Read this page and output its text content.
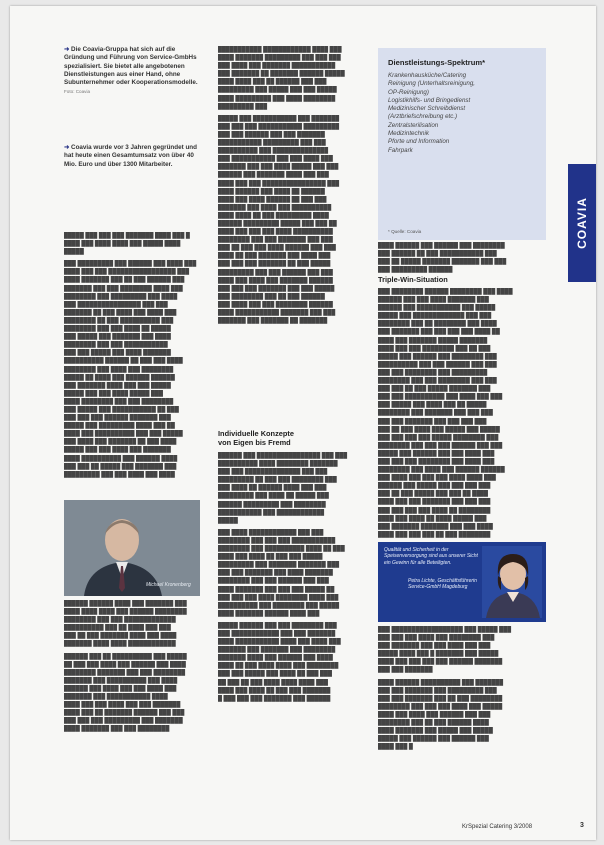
➜ Die Coavia-Gruppa hat sich auf die Gründung und Führung von Service-GmbHs spezialisiert. Sie bietet alle angebotenen Dienstleistungen aus einer Hand, ohne Subunternehmer oder Kooperationsmodelle.
Foto: Coavia
➜ Coavia wurde vor 3 Jahren gegründet und hat heute einen Gesamtumsatz von über 40 Mio. Euro und über 1300 Mitarbeiter.
█████ ███ ███ ███ ███████ ████ ███ █
████ ███ ████ ████ ███ █████ ████
█████
███ █████████ ███ ██████ ███ ████ ███
████ ███ ███ █████████████████ ███
████ ███████ ███ ██ ███ ██████ ███
███████ ███ ███ ████████ ████ ███
████████ ███ █████████ ███ ████
███ ████████████████ ███ ███
███████ ██ ███ ████ ███ ████ ███
████████ ██ ███ ██████████ ███
████████ ███ ███ ████ ██ █████
███ █████ ███ ███████ ███ ████
████████ ███ ███ ███████████
███ ███ █████ ███ ████ ███████
██████████ ██████ ██ ███ ███ ████
████████ ███ ████ ███ ████████
█████ ██ ████ ███ ██████ ██████
███ ███████ ████ ███ ███ █████
█████ ███ ███ ████ █████ ███
████ ████████ ███ ███ ████████
███ █████ ███ ███████████ ██ ███
███ ███ ███ ██████ ███████ ███
█████ ███ █████████ ████ ███ ██
████ ███ ██████████ ███ ███ █████
███ ████ ███ ███████ ██ ███ ████
█████ ███ ███ ████ ███ ███████
████ ██████████ ███ ██████ ████
███ ███ ██ █████ ███ ███████ ███
█████████ ███ ███ ████ ███ ████
Michael Kronenberg
██████ ██████ ████ ███ ███████ ███
████ ████ ████ ███ ██████ ████████
████████ ███ ███ █████████████
██████████ ███ ██ ████ ███ ███
███ ██ ███ ███████ ████ ███ ████
███████ ████ ████ ████████████
██████ ███ ██ ██████████ ███ █████
██ ███ ███ ████ ███ ██████ ███ ████
████████ ███████ ███ ███ ████████
███████ ███ ██████████ ███ ████
██████ ███ ████ ███ ███ ████ ███
███████ ███ ███████████ ████
████ ███ ███ ████ ███ ███ ███████
████ ███ ██ ███████ ██████ ███ ███
███ ███ ███ █████████ ███ ███████
████ ███████ ███ ███ ████████
███████████ ████████████ ████ ███
████ ███████ █████████ ███ ███ ███
███ ████ ███ ███████ ███████████
███ ███████ ██ ███████ ██████ █████
████ ████ ███ ██ ██████ ███ ███
█████████ ███ █████ ███ ███ █████
████ █████████ ███ ████ ████████
█████████ ███
█████ ███ ███████████ ███ ███████
███ ███ ███ ███████████ █████████
███ ███ ██████ ███ ███ ███████
███████████ █████████ ███ ███
██████████ ███ ██████████████
███ ███████████ ███ ███ ████ ███
███████ ███ ███ ████ █████ ███ ███
██████ ███ ███████ ████ ███ ███
████ ███ ███ ████████████████ ███
████ ██████ ███ ████ ██ ██████
████ ███ ████ ██████ ██ ███ ███
███████ ███ ████ ███ ██████████
████ ████ ██ ███ █████████ ████
██████ █████████ █████ ███ ███ ██
████ ███ ███ ███ ████ ██████████
████████ ███ ███ ███████ ███ ███
███ ██ ███ ███ ████ ██████ ███ ███
████ ██ ███ ███████ ███ ████ ███
███ ███ ███ ███████ ██ ███ █████
█████████ ███ ███ ██████ ███ ███
████ ███ ████ ███ ███████ ██████
███ ███ ███ ███████ ███ ███ █████
███ ████████ ███ ██ ███ ██████
███ ████ ███ ███ ████████ ██████
████ ███████████ ███████ ███ ███
███████ ███ ███████ ██ ███████
Individuelle Konzepte
von Eigen bis Fremd
██████ ███ ████████████████ ███ ███
██████████ ████ ████████ ███████
███ ███ ██████████████ ███ ███
█████████ ██ ███ ███ ████████ ███
███ ████ ██ ██████ ████ ███ ███
█████████ ███ ████ ██ █████ ███
██████ █████████ ███ ████████
███████████ ███ ████████████
█████
███ ████ ████████████ ███ ███
████████ ███ ███ ███ ███████████
████████ ███ ██████████ ████ ██ ███
████ ███ ████ ██ ███ ███ █████
█████████ ███ ███████ ███████ ███
███ ███ ███████ ███ ████ ███████
████████ ███ ███ ██████ ███ ███
████ ███████ ███ ███ ███ █████ ██
███ ███ ███ ████ ████████ ████ ███
██████████ ███ ████████ ███ █████
████ ███████ ██████ ████ ███
█████ ██████ ███ ███ ████████ ███
███ ████████████ ███ ███ ███████
████ ███████████ ████ ███ ████ ███
███████ ███ ███████ ███ ████████
███████ ████ ███ ██████ ███ ████
████ ██ ███ ████ ████ ███ ████████
███ ███ █████ ███ ████ ██ ███ ███
██ ███ ██ ███ ████ ████ ████ ███
████ ███ ████ ██ ███ ███ ███████
█ ███ ███ ███ ███████ ███ ██████
Dienstleistungs-Spektrum*
Krankenhausküche/Catering
Reinigung (Unterhaltsreinigung,
OP-Reinigung)
Logistikhilfs- und Bringedienst
Medizinischer Schreibdienst
(Arztbriefschreibung etc.)
Zentralsterilisation
Medizintechnik
Pforte und Information
Fahrpark
* Quelle: Coavia	COAVIA
████ ██████ ███ ██████ ███ ████████
███ ██████ ██ ███ ███████████ ███
███ ██ █████ ███████ ███████ ███ ███
███ █████████ ██████
Triple-Win-Situation
███ ████████ ██████ ████████ ███ ████
██████ ███ ███ ████ ███████ ███
██████ ███ ███████████ ███ █████
█████ ███ █████████████ ███ ███
████████ ███ ██ ████████ ███ ████
███ ███████ ███ ███ ███ ███ ████ ██
████ ███ ███████ █████ ███████
████ ███ ███ ████████ ███ ██ ███
█████ ███ ██████ ███ ████████ ███
██████████ ███ ███ ██████ ███ ███
███ ███ ████████ ███ █████████
████████ ███ ███ ████████ ███ ███
███ ███ ██ ███ █████ ███████ ███
███ ███ ██████████ ███ ████ ███ ███
███ █████ ███ ████ ███ ██ █████
████████ ███ ███████ ███ ███ ███
███ ███ ███████ ███ ███ ███ ███
███ ██ ███ ████ ███ █████ ███ █████
███ ███ ███ ███ █████ ████████ ███
████████ ███ ███ ███ ██████ ███ ███
█████ ███ ██████ ███ ███ ████ ███
███ ███ ███ ████████ ███ ████ ███
████████ ███ ████ ███ ██████ ██████
███ ████ ███ ███ ███ ████ ████ ███
██████ ███ █████ ███ ███ ███ ███
███ ██ ███ █████ ███ ███ ██ ████
████ ███ ███ ███████ ███ ███ ███
███ ███ ███ ███ ████ ██ ████████
████ ███ ████ ██ ████ █████ ███
███ ███████ ███████ ███ ███ ████
████ ███ ███ ███ ██ ███ ████████
Qualität und Sicherheit in der Speisenversorgung sind aus unserer Sicht ein Gewinn für alle Beteiligten.
Petra Lichte, Geschäftsführerin Service-GmbH Magdeburg
███ ██████████████████ ███ █████ ███
███ ███ ███ ████ ███ ████████ ███
███ ███████ ███ ███ ████ ███ ███
█████ ████ ███ █ ███████ ███ █████
████ ███ ███ ███ ███ ██████ ███████
███ ███ ███████
████ ██████ ██████████ ███ ███████
███ ███ ███████ ███ █████████ ███
███ ███ ███████ ███ ██ ███ ████████
████████ ███ ███ ███ ████ ███ █████
████ ███ ████ ███ ██████ ███ ███
████████ ███ ██ ███ ██████ ████
████ ███████ ███ █████ ███ █████
█████ ███ ██████ ███ ██████ ███
████ ███ █
KrSpezial Catering 3/2008	3
